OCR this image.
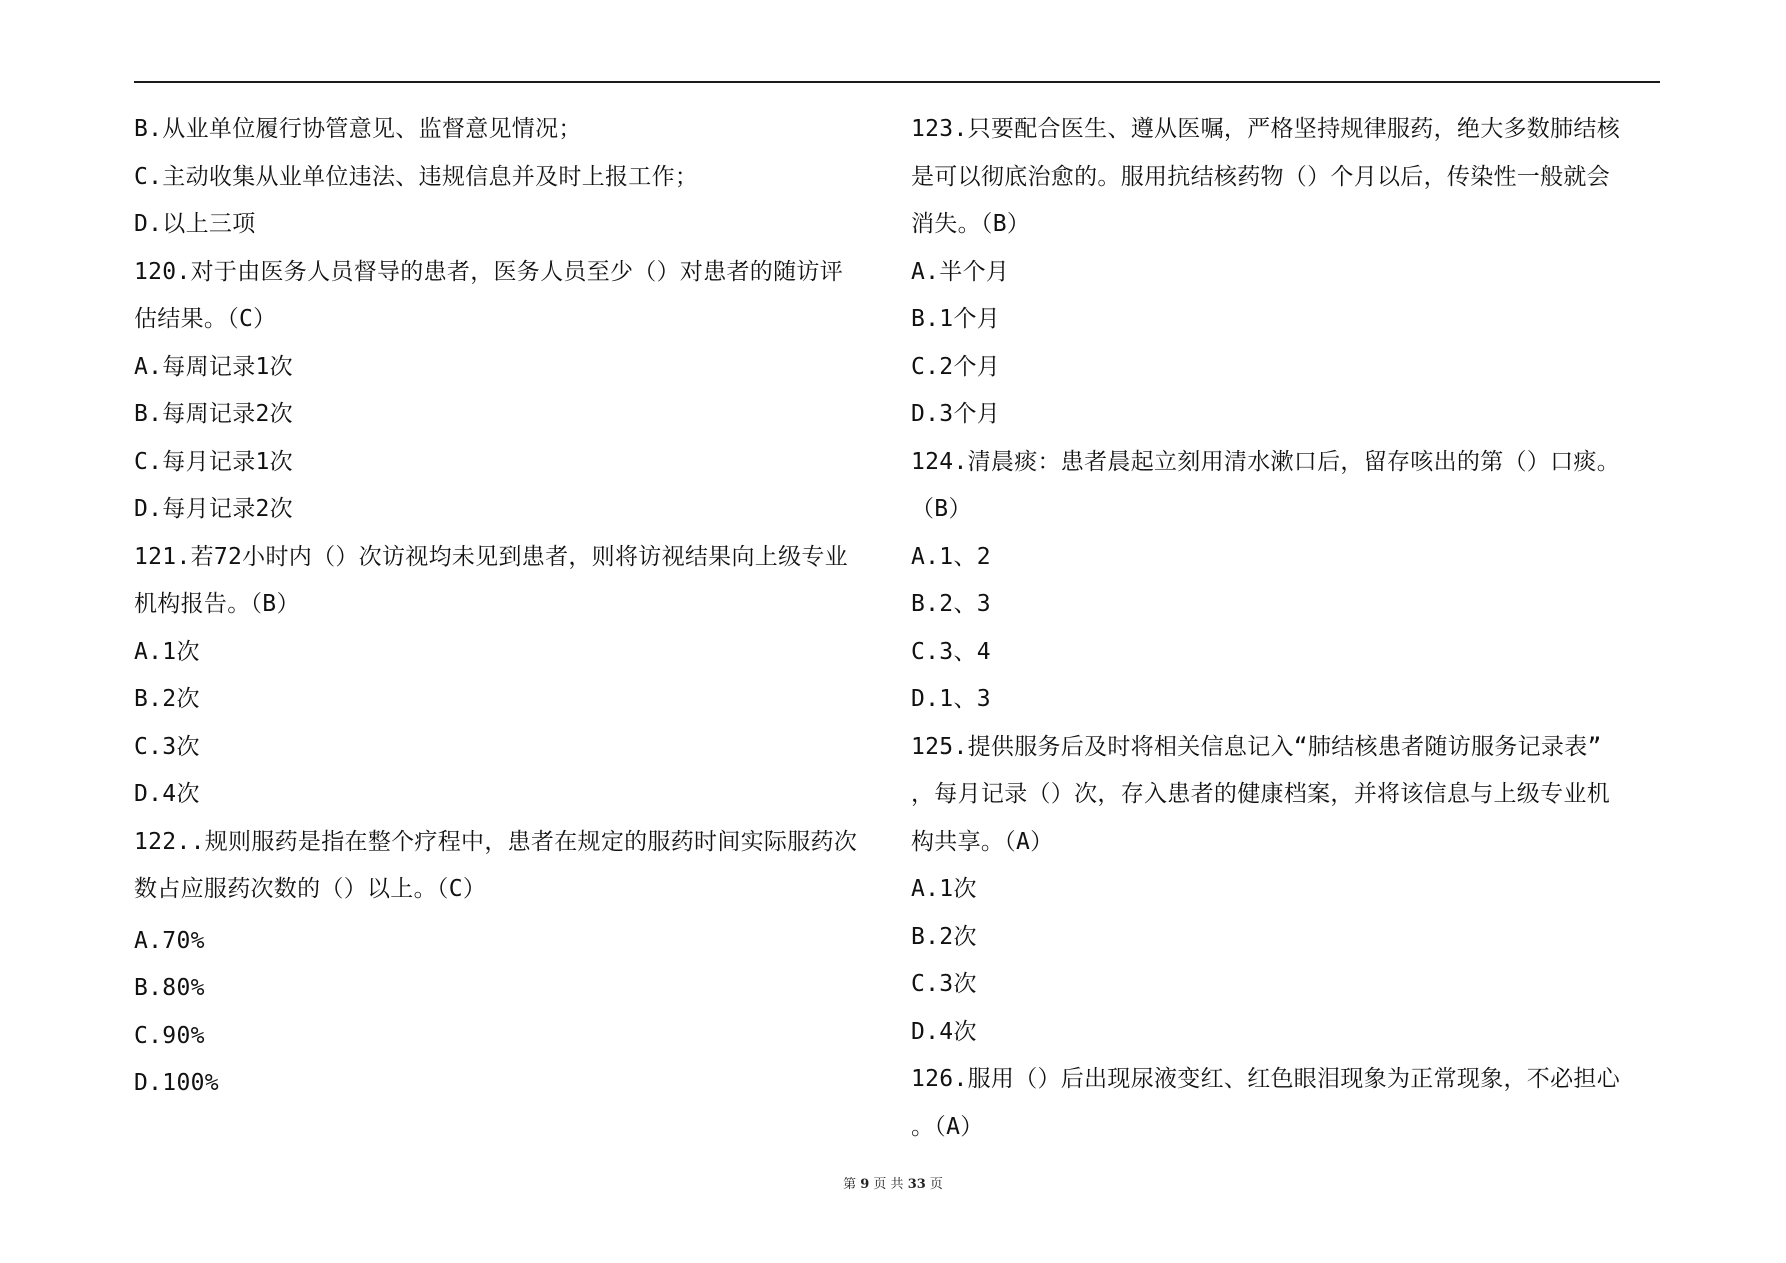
B.从业单位履行协管意见、监督意见情况；
C.主动收集从业单位违法、违规信息并及时上报工作；
D.以上三项
120.对于由医务人员督导的患者，医务人员至少（）对患者的随访评
估结果。（C）
A.每周记录1次
B.每周记录2次
C.每月记录1次
D.每月记录2次
121.若72小时内（）次访视均未见到患者，则将访视结果向上级专业
机构报告。（B）
A.1次
B.2次
C.3次
D.4次
122..规则服药是指在整个疗程中，患者在规定的服药时间实际服药次
数占应服药次数的（）以上。（C）
A.70%
B.80%
C.90%
D.100%
123.只要配合医生、遵从医嘱，严格坚持规律服药，绝大多数肺结核
是可以彻底治愈的。服用抗结核药物（）个月以后，传染性一般就会
消失。（B）
A.半个月
B.1个月
C.2个月
D.3个月
124.清晨痰：患者晨起立刻用清水漱口后，留存咳出的第（）口痰。
（B）
A.1、2
B.2、3
C.3、4
D.1、3
125.提供服务后及时将相关信息记入“肺结核患者随访服务记录表”
，每月记录（）次，存入患者的健康档案，并将该信息与上级专业机
构共享。（A）
A.1次
B.2次
C.3次
D.4次
126.服用（）后出现尿液变红、红色眼泪现象为正常现象，不必担心
。（A）
第 9 页 共 33 页
